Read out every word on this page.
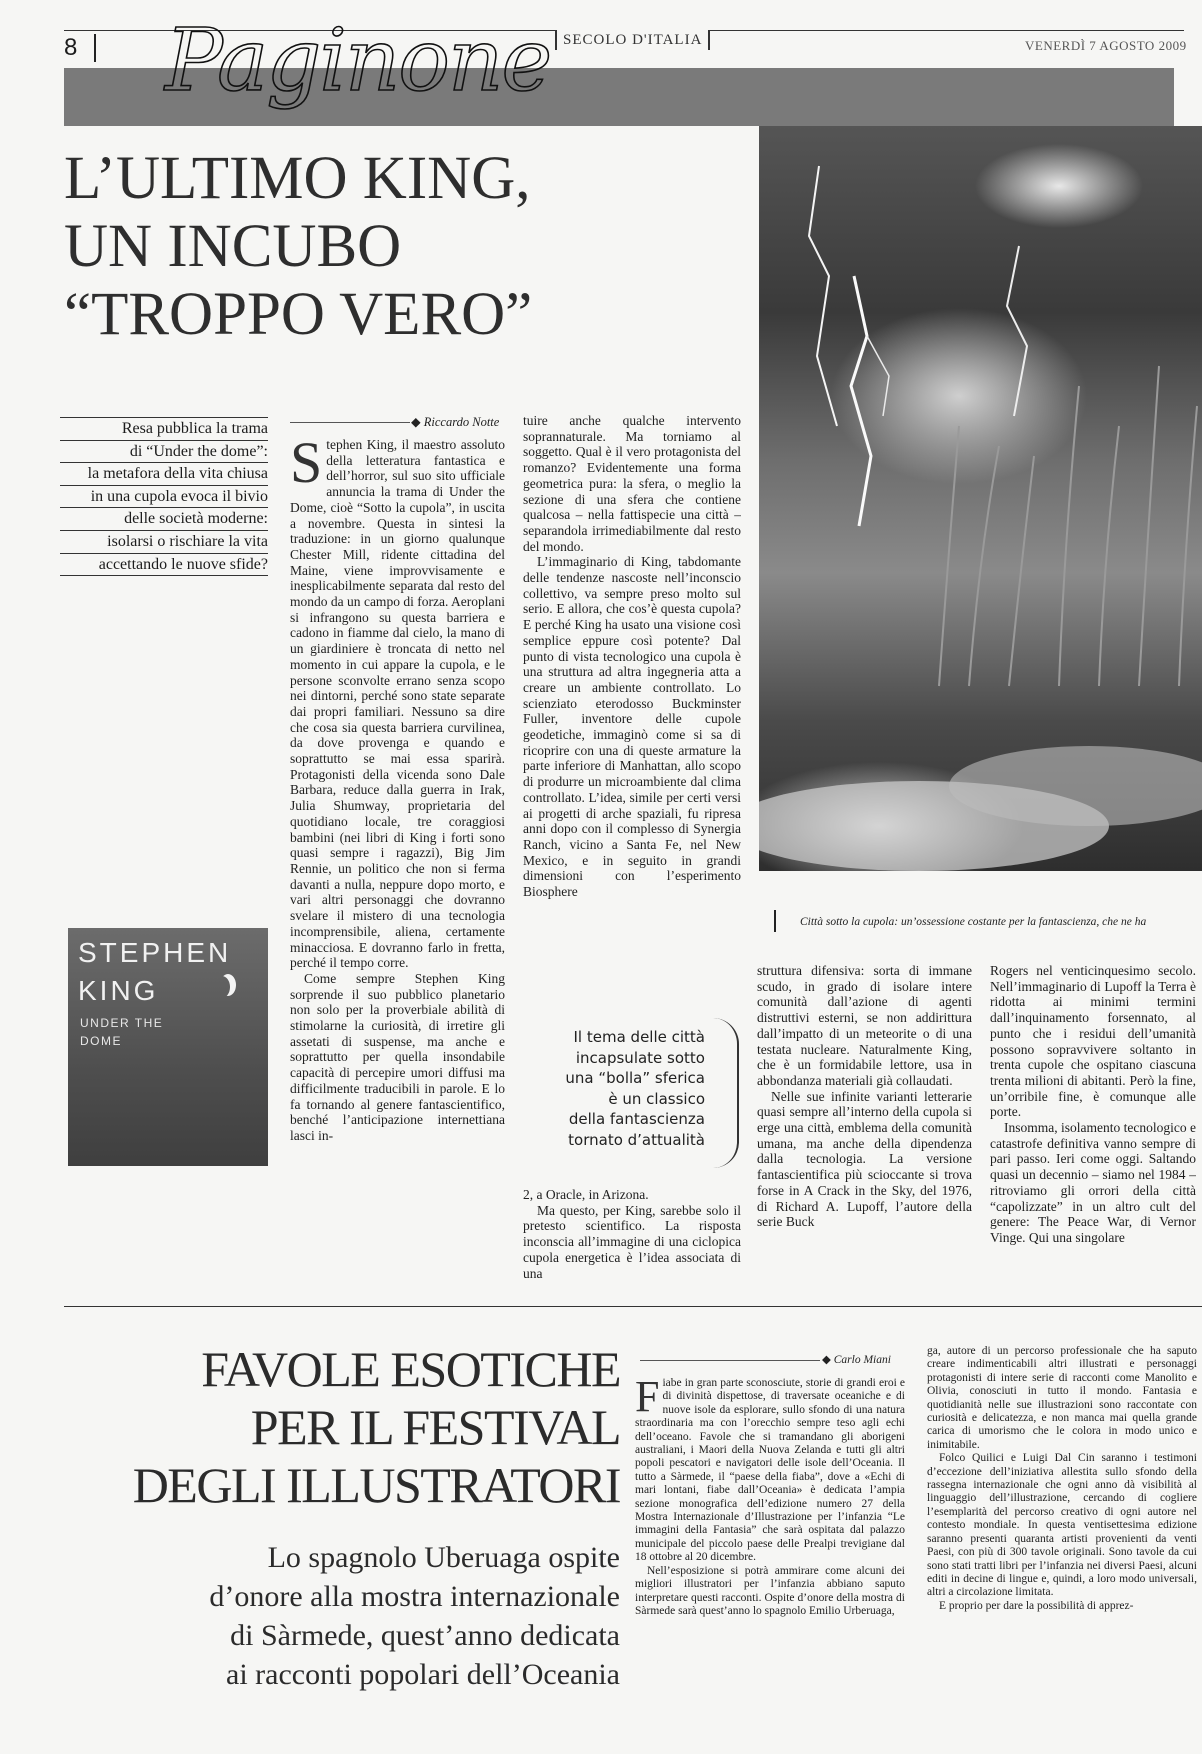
Paginone
8	SECOLO D'ITALIA	VENERDÌ 7 AGOSTO 2009
L’ULTIMO KING,
UN INCUBO
“TROPPO VERO”
Città sotto la cupola: un’ossessione costante per la fantascienza, che ne ha
Resa pubblica la trama
di “Under the dome”:
la metafora della vita chiusa
in una cupola evoca il bivio
delle società moderne:
isolarsi o rischiare la vita
accettando le nuove sfide?
◆ Riccardo Notte

Stephen King, il maestro assoluto della letteratura fantastica e dell’horror, sul suo sito ufficiale annuncia la trama di Under the Dome, cioè “Sotto la cupola”, in uscita a novembre. Questa in sintesi la traduzione: in un giorno qualunque Chester Mill, ridente cittadina del Maine, viene improvvisamente e inesplicabilmente separata dal resto del mondo da un campo di forza. Aeroplani si infrangono su questa barriera e cadono in fiamme dal cielo, la mano di un giardiniere è troncata di netto nel momento in cui appare la cupola, e le persone sconvolte errano senza scopo nei dintorni, perché sono state separate dai propri familiari. Nessuno sa dire che cosa sia questa barriera curvilinea, da dove provenga e quando e soprattutto se mai essa sparirà. Protagonisti della vicenda sono Dale Barbara, reduce dalla guerra in Irak, Julia Shumway, proprietaria del quotidiano locale, tre coraggiosi bambini (nei libri di King i forti sono quasi sempre i ragazzi), Big Jim Rennie, un politico che non si ferma davanti a nulla, neppure dopo morto, e vari altri personaggi che dovranno svelare il mistero di una tecnologia incomprensibile, aliena, certamente minacciosa. E dovranno farlo in fretta, perché il tempo corre.

Come sempre Stephen King sorprende il suo pubblico planetario non solo per la proverbiale abilità di stimolarne la curiosità, di irretire gli assetati di suspense, ma anche e soprattutto per quella insondabile capacità di percepire umori diffusi ma difficilmente traducibili in parole. E lo fa tornando al genere fantascientifico, benché l’anticipazione internettiana lasci in-

STEPHEN
KING
UNDER THE
DOME

tuire anche qualche intervento soprannaturale. Ma torniamo al soggetto. Qual è il vero protagonista del romanzo? Evidentemente una forma geometrica pura: la sfera, o meglio la sezione di una sfera che contiene qualcosa – nella fattispecie una città – separandola irrimediabilmente dal resto del mondo.

L’immaginario di King, tabdomante delle tendenze nascoste nell’inconscio collettivo, va sempre preso molto sul serio. E allora, che cos’è questa cupola? E perché King ha usato una visione così semplice eppure così potente? Dal punto di vista tecnologico una cupola è una struttura ad altra ingegneria atta a creare un ambiente controllato. Lo scienziato eterodosso Buckminster Fuller, inventore delle cupole geodetiche, immaginò come si sa di ricoprire con una di queste armature la parte inferiore di Manhattan, allo scopo di produrre un microambiente dal clima controllato. L’idea, simile per certi versi ai progetti di arche spaziali, fu ripresa anni dopo con il complesso di Synergia Ranch, vicino a Santa Fe, nel New Mexico, e in seguito in grandi dimensioni con l’esperimento Biosphere

Il tema delle città
incapsulate sotto
una “bolla” sferica
è un classico
della fantascienza
tornato d’attualità

2, a Oracle, in Arizona.

Ma questo, per King, sarebbe solo il pretesto scientifico. La risposta inconscia all’immagine di una ciclopica cupola energetica è l’idea associata di una

struttura difensiva: sorta di immane scudo, in grado di isolare intere comunità dall’azione di agenti distruttivi esterni, se non addirittura dall’impatto di un meteorite o di una testata nucleare. Naturalmente King, che è un formidabile lettore, usa in abbondanza materiali già collaudati.

Nelle sue infinite varianti letterarie quasi sempre all’interno della cupola si erge una città, emblema della comunità umana, ma anche della dipendenza dalla tecnologia. La versione fantascientifica più scioccante si trova forse in A Crack in the Sky, del 1976, di Richard A. Lupoff, l’autore della serie Buck

Rogers nel venticinquesimo secolo. Nell’immaginario di Lupoff la Terra è ridotta ai minimi termini dall’inquinamento forsennato, al punto che i residui dell’umanità possono sopravvivere soltanto in trenta cupole che ospitano ciascuna trenta milioni di abitanti. Però la fine, un’orribile fine, è comunque alle porte.

Insomma, isolamento tecnologico e catastrofe definitiva vanno sempre di pari passo. Ieri come oggi. Saltando quasi un decennio – siamo nel 1984 – ritroviamo gli orrori della città “capolizzate” in un altro cult del genere: The Peace War, di Vernor Vinge. Qui una singolare

FAVOLE ESOTICHE
PER IL FESTIVAL
DEGLI ILLUSTRATORI
Lo spagnolo Uberuaga ospite
d’onore alla mostra internazionale
di Sàrmede, quest’anno dedicata
ai racconti popolari dell’Oceania
◆ Carlo Miani

Fiabe in gran parte sconosciute, storie di grandi eroi e di divinità dispettose, di traversate oceaniche e di nuove isole da esplorare, sullo sfondo di una natura straordinaria ma con l’orecchio sempre teso agli echi dell’oceano. Favole che si tramandano gli aborigeni australiani, i Maori della Nuova Zelanda e tutti gli altri popoli pescatori e navigatori delle isole dell’Oceania. Il tutto a Sàrmede, il “paese della fiaba”, dove a «Echi di mari lontani, fiabe dall’Oceania» è dedicata l’ampia sezione monografica dell’edizione numero 27 della Mostra Internazionale d’Illustrazione per l’infanzia “Le immagini della Fantasia” che sarà ospitata dal palazzo municipale del piccolo paese delle Prealpi trevigiane dal 18 ottobre al 20 dicembre.

Nell’esposizione si potrà ammirare come alcuni dei migliori illustratori per l’infanzia abbiano saputo interpretare questi racconti. Ospite d’onore della mostra di Sàrmede sarà quest’anno lo spagnolo Emilio Urberuaga,

ga, autore di un percorso professionale che ha saputo creare indimenticabili altri illustrati e personaggi protagonisti di intere serie di racconti come Manolito e Olivia, conosciuti in tutto il mondo. Fantasia e quotidianità nelle sue illustrazioni sono raccontate con curiosità e delicatezza, e non manca mai quella grande carica di umorismo che le colora in modo unico e inimitabile.

Folco Quilici e Luigi Dal Cin saranno i testimoni d’eccezione dell’iniziativa allestita sullo sfondo della rassegna internazionale che ogni anno dà visibilità al linguaggio dell’illustrazione, cercando di cogliere l’esemplarità del percorso creativo di ogni autore nel contesto mondiale. In questa ventisettesima edizione saranno presenti quaranta artisti provenienti da venti Paesi, con più di 300 tavole originali. Sono tavole da cui sono stati tratti libri per l’infanzia nei diversi Paesi, alcuni editi in decine di lingue e, quindi, a loro modo universali, altri a circolazione limitata.

E proprio per dare la possibilità di apprez-
